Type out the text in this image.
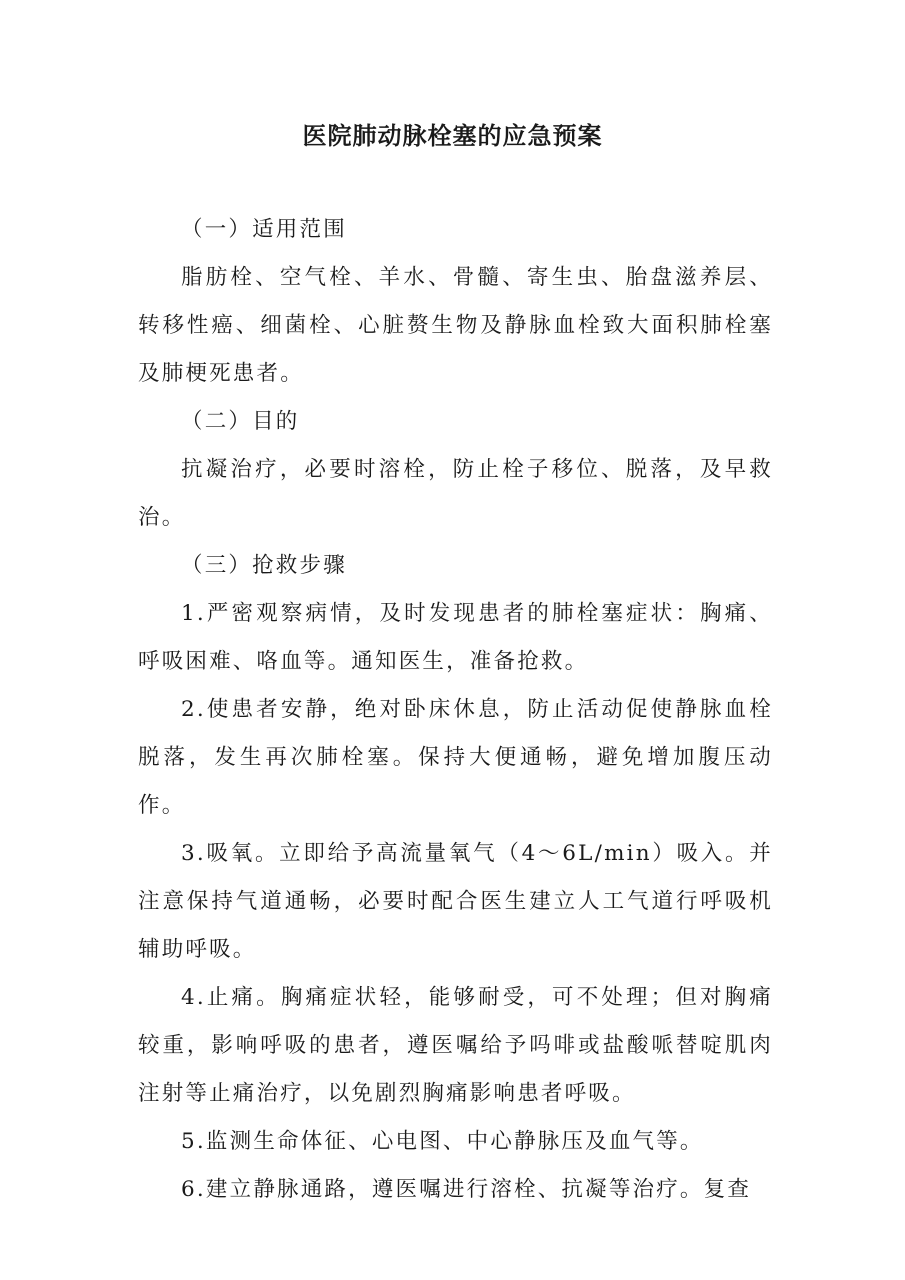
医院肺动脉栓塞的应急预案

（一）适用范围

脂肪栓、空气栓、羊水、骨髓、寄生虫、胎盘滋养层、转移性癌、细菌栓、心脏赘生物及静脉血栓致大面积肺栓塞及肺梗死患者。

（二）目的

抗凝治疗，必要时溶栓，防止栓子移位、脱落，及早救治。

（三）抢救步骤

1.严密观察病情，及时发现患者的肺栓塞症状：胸痛、呼吸困难、咯血等。通知医生，准备抢救。

2.使患者安静，绝对卧床休息，防止活动促使静脉血栓脱落，发生再次肺栓塞。保持大便通畅，避免增加腹压动作。

3.吸氧。立即给予高流量氧气（4～6L/min）吸入。并注意保持气道通畅，必要时配合医生建立人工气道行呼吸机辅助呼吸。

4.止痛。胸痛症状轻，能够耐受，可不处理；但对胸痛较重，影响呼吸的患者，遵医嘱给予吗啡或盐酸哌替啶肌肉注射等止痛治疗，以免剧烈胸痛影响患者呼吸。

5.监测生命体征、心电图、中心静脉压及血气等。

6.建立静脉通路，遵医嘱进行溶栓、抗凝等治疗。复查
